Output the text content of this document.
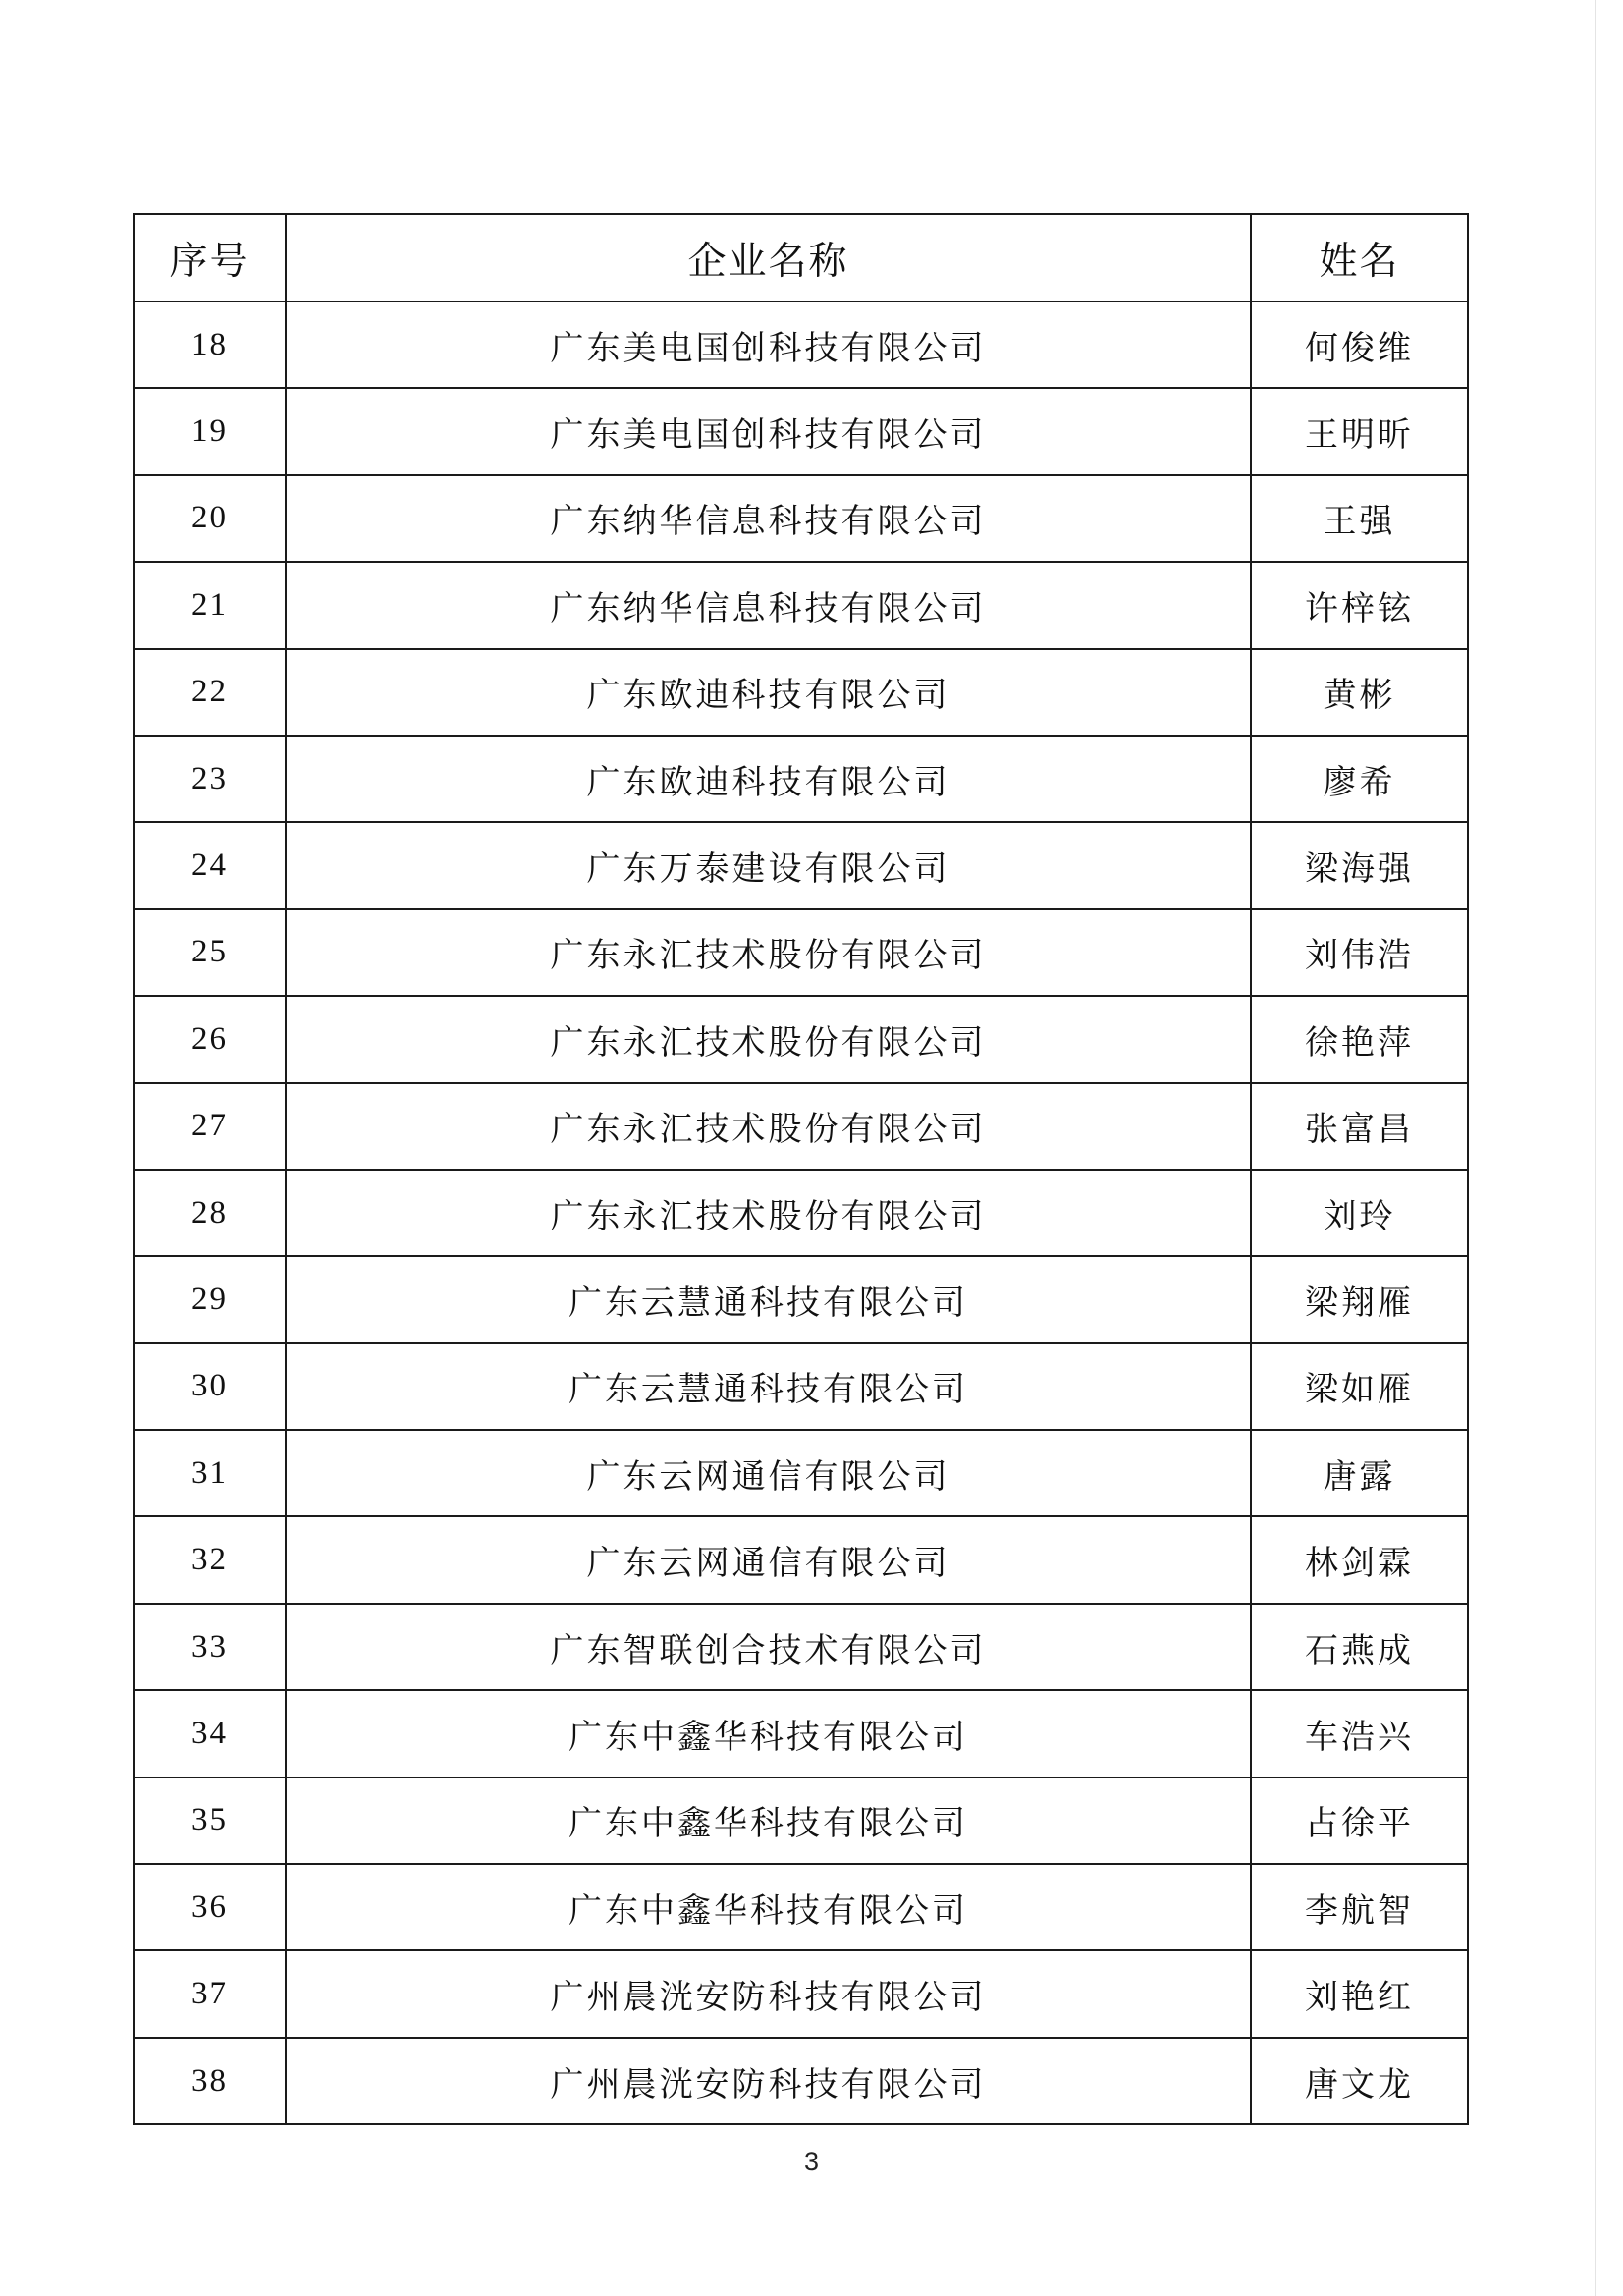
序号	企业名称	姓名
18	广东美电国创科技有限公司	何俊维
19	广东美电国创科技有限公司	王明昕
20	广东纳华信息科技有限公司	王强
21	广东纳华信息科技有限公司	许梓铉
22	广东欧迪科技有限公司	黄彬
23	广东欧迪科技有限公司	廖希
24	广东万泰建设有限公司	梁海强
25	广东永汇技术股份有限公司	刘伟浩
26	广东永汇技术股份有限公司	徐艳萍
27	广东永汇技术股份有限公司	张富昌
28	广东永汇技术股份有限公司	刘玲
29	广东云慧通科技有限公司	梁翔雁
30	广东云慧通科技有限公司	梁如雁
31	广东云网通信有限公司	唐露
32	广东云网通信有限公司	林剑霖
33	广东智联创合技术有限公司	石燕成
34	广东中鑫华科技有限公司	车浩兴
35	广东中鑫华科技有限公司	占徐平
36	广东中鑫华科技有限公司	李航智
37	广州晨洸安防科技有限公司	刘艳红
38	广州晨洸安防科技有限公司	唐文龙
3
